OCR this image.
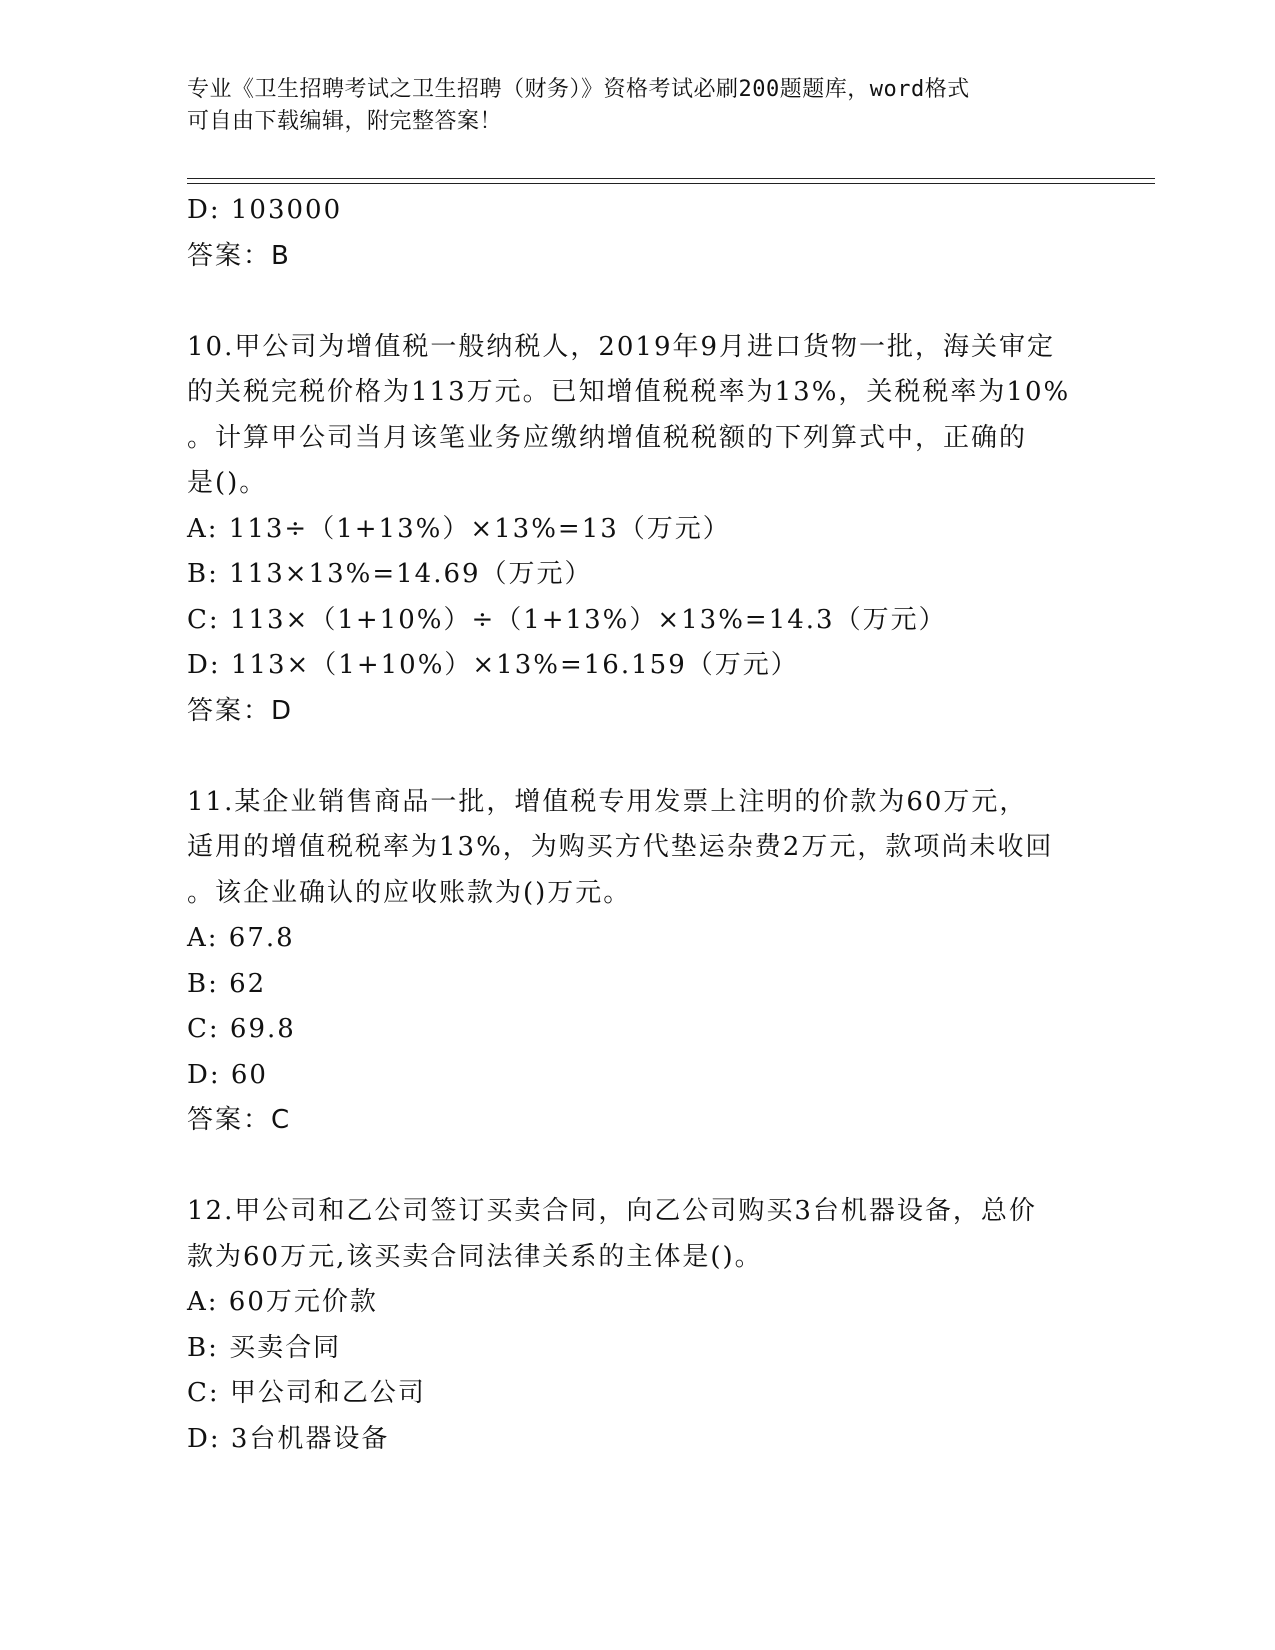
专业《卫生招聘考试之卫生招聘（财务）》资格考试必刷200题题库，word格式
可自由下载编辑，附完整答案！
D: 103000
答案：B
10.甲公司为增值税一般纳税人，2019年9月进口货物一批，海关审定
的关税完税价格为113万元。已知增值税税率为13%，关税税率为10%
。计算甲公司当月该笔业务应缴纳增值税税额的下列算式中，正确的
是()。
A: 113÷（1+13%）×13%=13（万元）
B: 113×13%=14.69（万元）
C: 113×（1+10%）÷（1+13%）×13%=14.3（万元）
D: 113×（1+10%）×13%=16.159（万元）
答案：D
11.某企业销售商品一批，增值税专用发票上注明的价款为60万元，
适用的增值税税率为13%，为购买方代垫运杂费2万元，款项尚未收回
。该企业确认的应收账款为()万元。
A: 67.8
B: 62
C: 69.8
D: 60
答案：C
12.甲公司和乙公司签订买卖合同，向乙公司购买3台机器设备，总价
款为60万元,该买卖合同法律关系的主体是()。
A: 60万元价款
B: 买卖合同
C: 甲公司和乙公司
D: 3台机器设备
